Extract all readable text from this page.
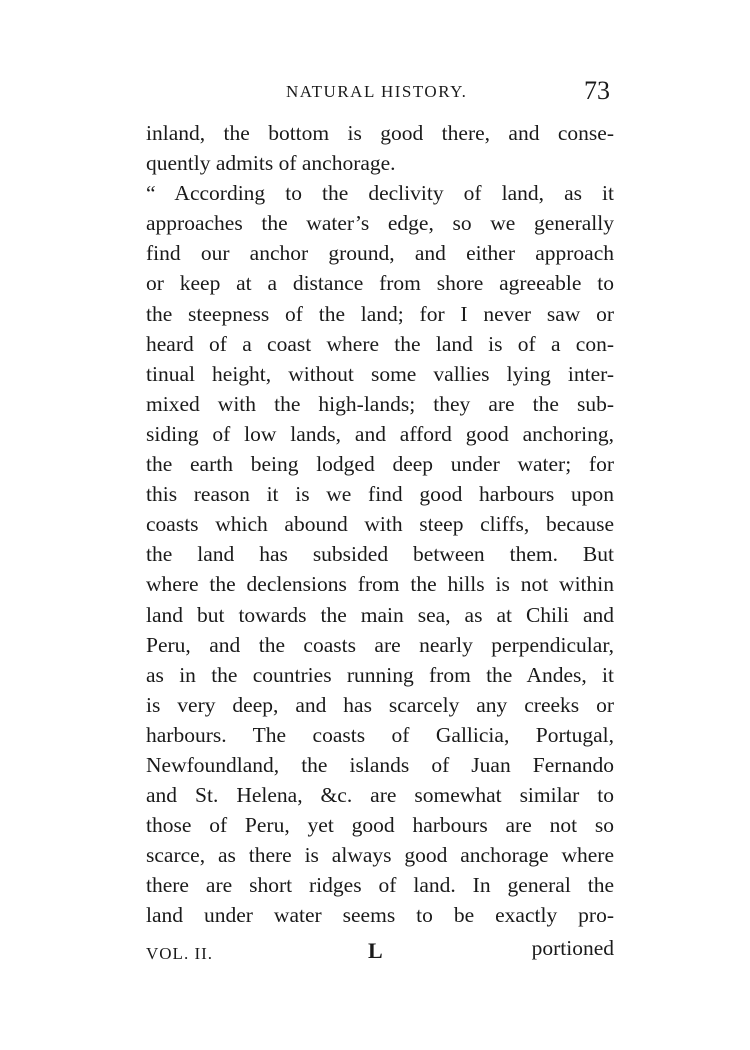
NATURAL HISTORY.	73
inland, the bottom is good there, and conse-
quently admits of anchorage.
“ According to the declivity of land, as it
approaches the water’s edge, so we generally
find our anchor ground, and either approach
or keep at a distance from shore agreeable to
the steepness of the land; for I never saw or
heard of a coast where the land is of a con-
tinual height, without some vallies lying inter-
mixed with the high-lands; they are the sub-
siding of low lands, and afford good anchoring,
the earth being lodged deep under water; for
this reason it is we find good harbours upon
coasts which abound with steep cliffs, because
the land has subsided between them. But
where the declensions from the hills is not within
land but towards the main sea, as at Chili and
Peru, and the coasts are nearly perpendicular,
as in the countries running from the Andes, it
is very deep, and has scarcely any creeks or
harbours. The coasts of Gallicia, Portugal,
Newfoundland, the islands of Juan Fernando
and St. Helena, &c. are somewhat similar to
those of Peru, yet good harbours are not so
scarce, as there is always good anchorage where
there are short ridges of land. In general the
land under water seems to be exactly pro-
VOL. II.	L	portioned
